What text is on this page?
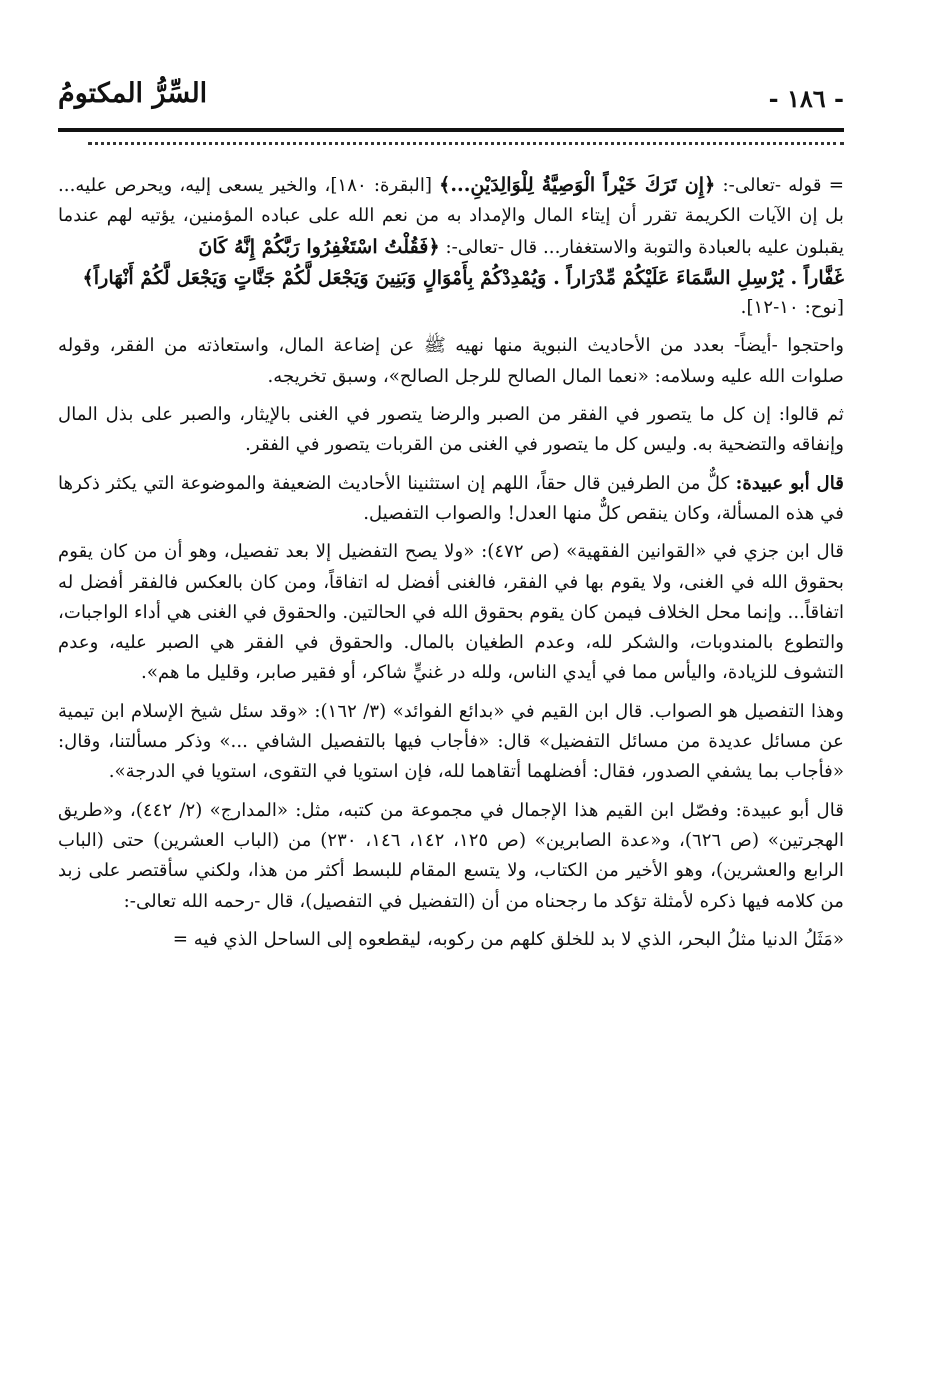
- ١٨٦ -
السِّرُّ المكتومُ

= قوله -تعالى-: ﴿إِن تَرَكَ خَيْراً الْوَصِيَّةُ لِلْوَالِدَيْنِ...﴾ [البقرة: ١٨٠]، والخير يسعى إليه، ويحرص عليه... بل إن الآيات الكريمة تقرر أن إيتاء المال والإمداد به من نعم الله على عباده المؤمنين، يؤتيه لهم عندما يقبلون عليه بالعبادة والتوبة والاستغفار... قال -تعالى-: ﴿فَقُلْتُ اسْتَغْفِرُوا رَبَّكُمْ إِنَّهُ كَانَ
غَفَّاراً . يُرْسِلِ السَّمَاءَ عَلَيْكُمْ مِّدْرَاراً . وَيُمْدِدْكُمْ بِأَمْوَالٍ وَبَنِينَ وَيَجْعَل لَّكُمْ جَنَّاتٍ وَيَجْعَل لَّكُمْ أَنْهَاراً﴾
[نوح: ١٠-١٢].

واحتجوا -أيضاً- بعدد من الأحاديث النبوية منها نهيه ﷺ عن إضاعة المال، واستعاذته من الفقر، وقوله صلوات الله عليه وسلامه: «نعما المال الصالح للرجل الصالح»، وسبق تخريجه.

ثم قالوا: إن كل ما يتصور في الفقر من الصبر والرضا يتصور في الغنى بالإيثار، والصبر على بذل المال وإنفاقه والتضحية به. وليس كل ما يتصور في الغنى من القربات يتصور في الفقر.

قال أبو عبيدة: كلٌّ من الطرفين قال حقاً، اللهم إن استثنينا الأحاديث الضعيفة والموضوعة التي يكثر ذكرها في هذه المسألة، وكان ينقص كلٌّ منها العدل! والصواب التفصيل.

قال ابن جزي في «القوانين الفقهية» (ص ٤٧٢): «ولا يصح التفضيل إلا بعد تفصيل، وهو أن من كان يقوم بحقوق الله في الغنى، ولا يقوم بها في الفقر، فالغنى أفضل له اتفاقاً، ومن كان بالعكس فالفقر أفضل له اتفاقاً... وإنما محل الخلاف فيمن كان يقوم بحقوق الله في الحالتين. والحقوق في الغنى هي أداء الواجبات، والتطوع بالمندوبات، والشكر لله، وعدم الطغيان بالمال. والحقوق في الفقر هي الصبر عليه، وعدم التشوف للزيادة، واليأس مما في أيدي الناس، ولله در غنيٍّ شاكر، أو فقير صابر، وقليل ما هم».

وهذا التفصيل هو الصواب. قال ابن القيم في «بدائع الفوائد» (٣/ ١٦٢): «وقد سئل شيخ الإسلام ابن تيمية عن مسائل عديدة من مسائل التفضيل» قال: «فأجاب فيها بالتفصيل الشافي ...» وذكر مسألتنا، وقال: «فأجاب بما يشفي الصدور، فقال: أفضلهما أتقاهما لله، فإن استويا في التقوى، استويا في الدرجة».

قال أبو عبيدة: وفصّل ابن القيم هذا الإجمال في مجموعة من كتبه، مثل: «المدارج» (٢/ ٤٤٢)، و«طريق الهجرتين» (ص ٦٢٦)، و«عدة الصابرين» (ص ١٢٥، ١٤٢، ١٤٦، ٢٣٠) من (الباب العشرين) حتى (الباب الرابع والعشرين)، وهو الأخير من الكتاب، ولا يتسع المقام للبسط أكثر من هذا، ولكني سأقتصر على زبد من كلامه فيها ذكره لأمثلة تؤكد ما رجحناه من أن (التفضيل في التفصيل)، قال -رحمه الله تعالى-:

«مَثَلُ الدنيا مثلُ البحر، الذي لا بد للخلق كلهم من ركوبه، ليقطعوه إلى الساحل الذي فيه =
